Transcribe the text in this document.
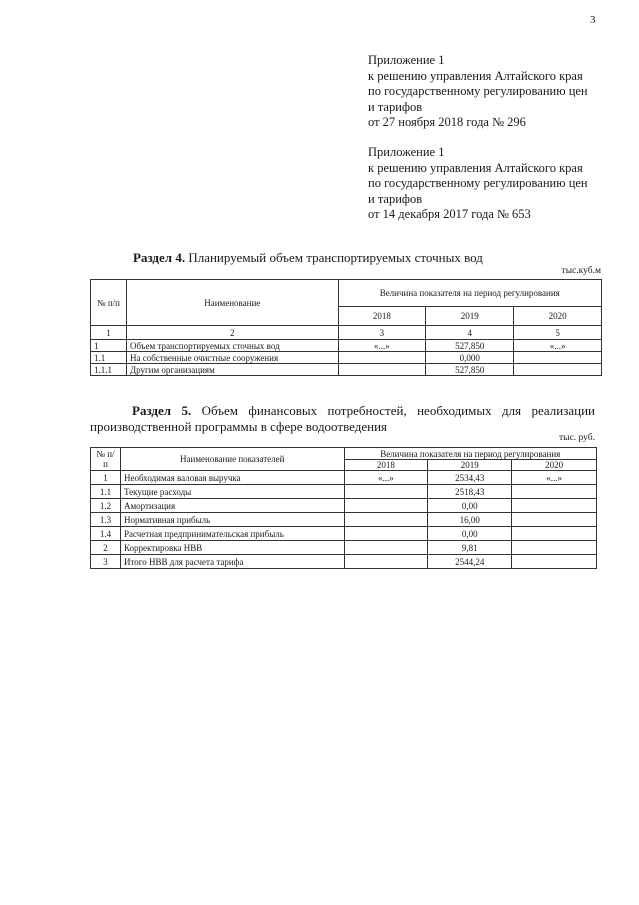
3
Приложение 1
к решению управления Алтайского края
по государственному регулированию цен
и тарифов
от 27 ноября 2018 года № 296
Приложение 1
к решению управления Алтайского края
по государственному регулированию цен
и тарифов
от 14 декабря 2017 года № 653
Раздел 4. Планируемый объем транспортируемых сточных вод
тыс.куб.м
№ п/п	Наименование	Величина показателя на период регулирования		
		2018	2019	2020
1	2	3	4	5
1	Объем транспортируемых сточных вод	«...»	527,850	«...»
1.1	На собственные очистные сооружения		0,000	
1.1.1	Другим организациям		527,850	
Раздел 5. Объем финансовых потребностей, необходимых для реализации производственной программы в сфере водоотведения
тыс. руб.
№ п/п	Наименование показателей	Величина показателя на период регулирования		
		2018	2019	2020
1	Необходимая валовая выручка	«...»	2534,43	«...»
1.1	Текущие расходы		2518,43	
1.2	Амортизация		0,00	
1.3	Нормативная прибыль		16,00	
1.4	Расчетная предпринимательская прибыль		0,00	
2	Корректировка НВВ		9,81	
3	Итого НВВ для расчета тарифа		2544,24	
